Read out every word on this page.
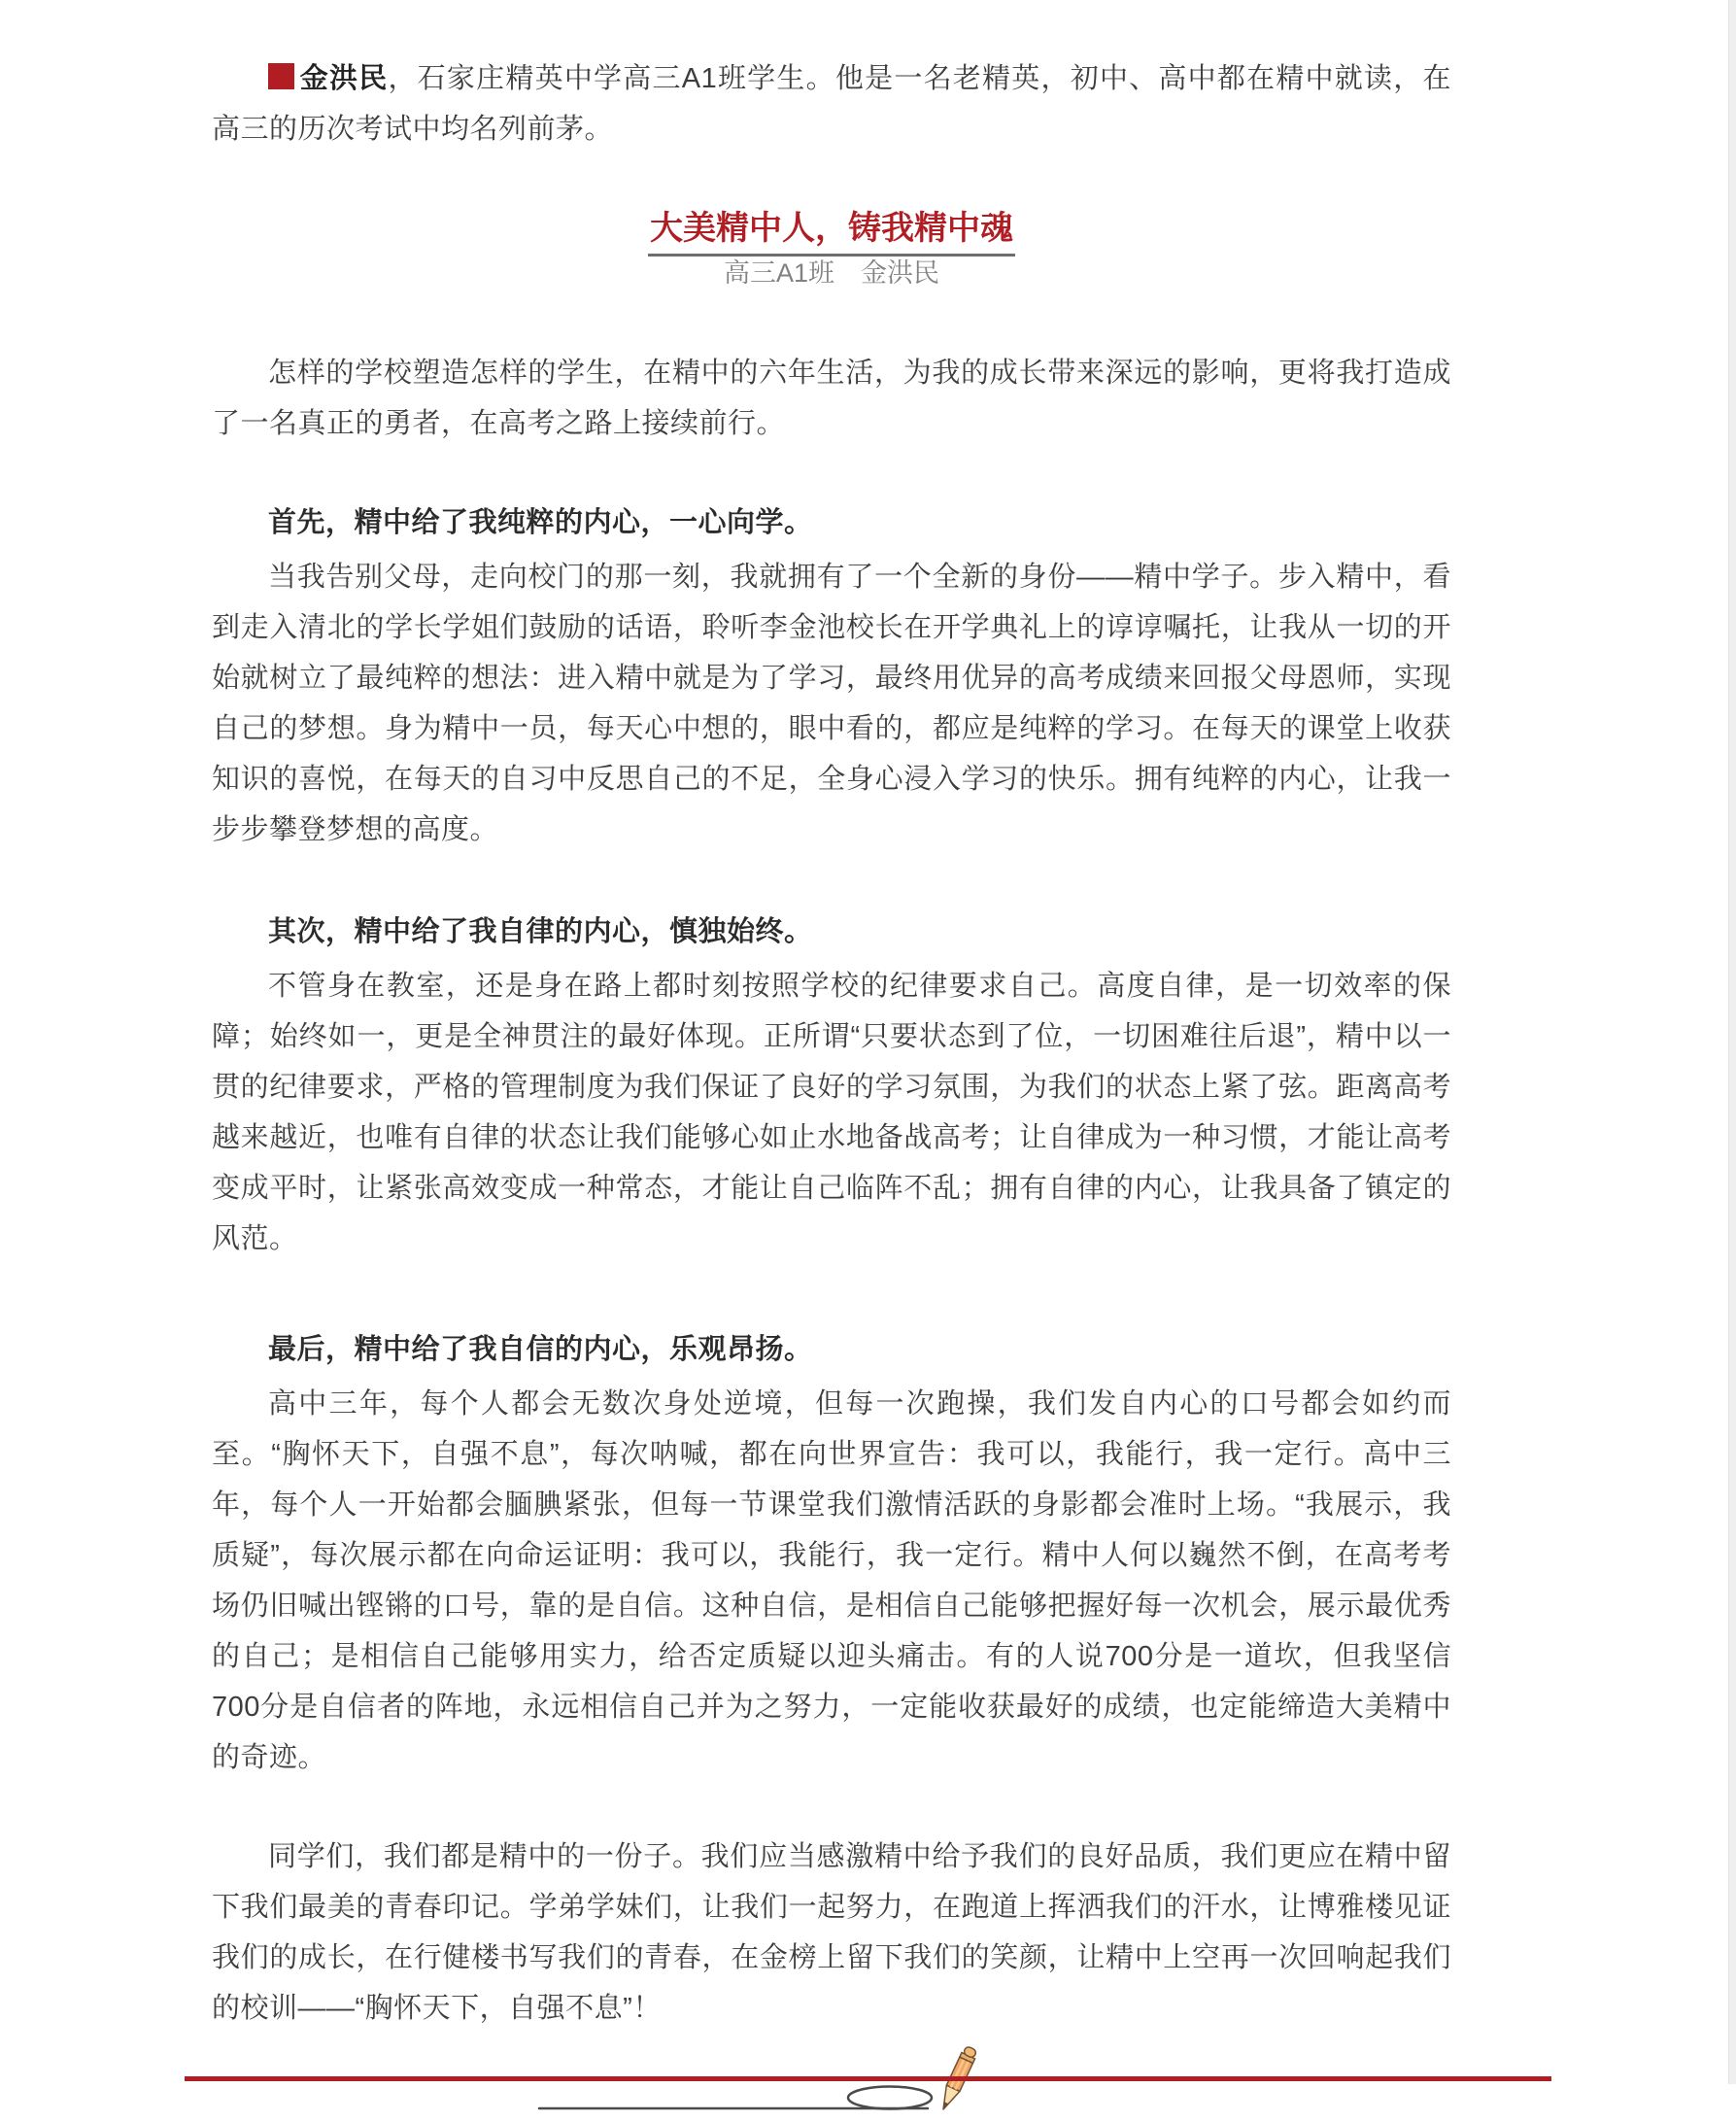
金洪民，石家庄精英中学高三A1班学生。他是一名老精英，初中、高中都在精中就读，在高三的历次考试中均名列前茅。

大美精中人，铸我精中魂

高三A1班　金洪民

怎样的学校塑造怎样的学生，在精中的六年生活，为我的成长带来深远的影响，更将我打造成了一名真正的勇者，在高考之路上接续前行。

首先，精中给了我纯粹的内心，一心向学。

当我告别父母，走向校门的那一刻，我就拥有了一个全新的身份——精中学子。步入精中，看到走入清北的学长学姐们鼓励的话语，聆听李金池校长在开学典礼上的谆谆嘱托，让我从一切的开始就树立了最纯粹的想法：进入精中就是为了学习，最终用优异的高考成绩来回报父母恩师，实现自己的梦想。身为精中一员，每天心中想的，眼中看的，都应是纯粹的学习。在每天的课堂上收获知识的喜悦，在每天的自习中反思自己的不足，全身心浸入学习的快乐。拥有纯粹的内心，让我一步步攀登梦想的高度。

其次，精中给了我自律的内心，慎独始终。

不管身在教室，还是身在路上都时刻按照学校的纪律要求自己。高度自律，是一切效率的保障；始终如一，更是全神贯注的最好体现。正所谓“只要状态到了位，一切困难往后退”，精中以一贯的纪律要求，严格的管理制度为我们保证了良好的学习氛围，为我们的状态上紧了弦。距离高考越来越近，也唯有自律的状态让我们能够心如止水地备战高考；让自律成为一种习惯，才能让高考变成平时，让紧张高效变成一种常态，才能让自己临阵不乱；拥有自律的内心，让我具备了镇定的风范。

最后，精中给了我自信的内心，乐观昂扬。

高中三年，每个人都会无数次身处逆境，但每一次跑操，我们发自内心的口号都会如约而至。“胸怀天下，自强不息”，每次呐喊，都在向世界宣告：我可以，我能行，我一定行。高中三年，每个人一开始都会腼腆紧张，但每一节课堂我们激情活跃的身影都会准时上场。“我展示，我质疑”，每次展示都在向命运证明：我可以，我能行，我一定行。精中人何以巍然不倒，在高考考场仍旧喊出铿锵的口号，靠的是自信。这种自信，是相信自己能够把握好每一次机会，展示最优秀的自己；是相信自己能够用实力，给否定质疑以迎头痛击。有的人说700分是一道坎，但我坚信700分是自信者的阵地，永远相信自己并为之努力，一定能收获最好的成绩，也定能缔造大美精中的奇迹。

同学们，我们都是精中的一份子。我们应当感激精中给予我们的良好品质，我们更应在精中留下我们最美的青春印记。学弟学妹们，让我们一起努力，在跑道上挥洒我们的汗水，让博雅楼见证我们的成长，在行健楼书写我们的青春，在金榜上留下我们的笑颜，让精中上空再一次回响起我们的校训——“胸怀天下，自强不息”！
